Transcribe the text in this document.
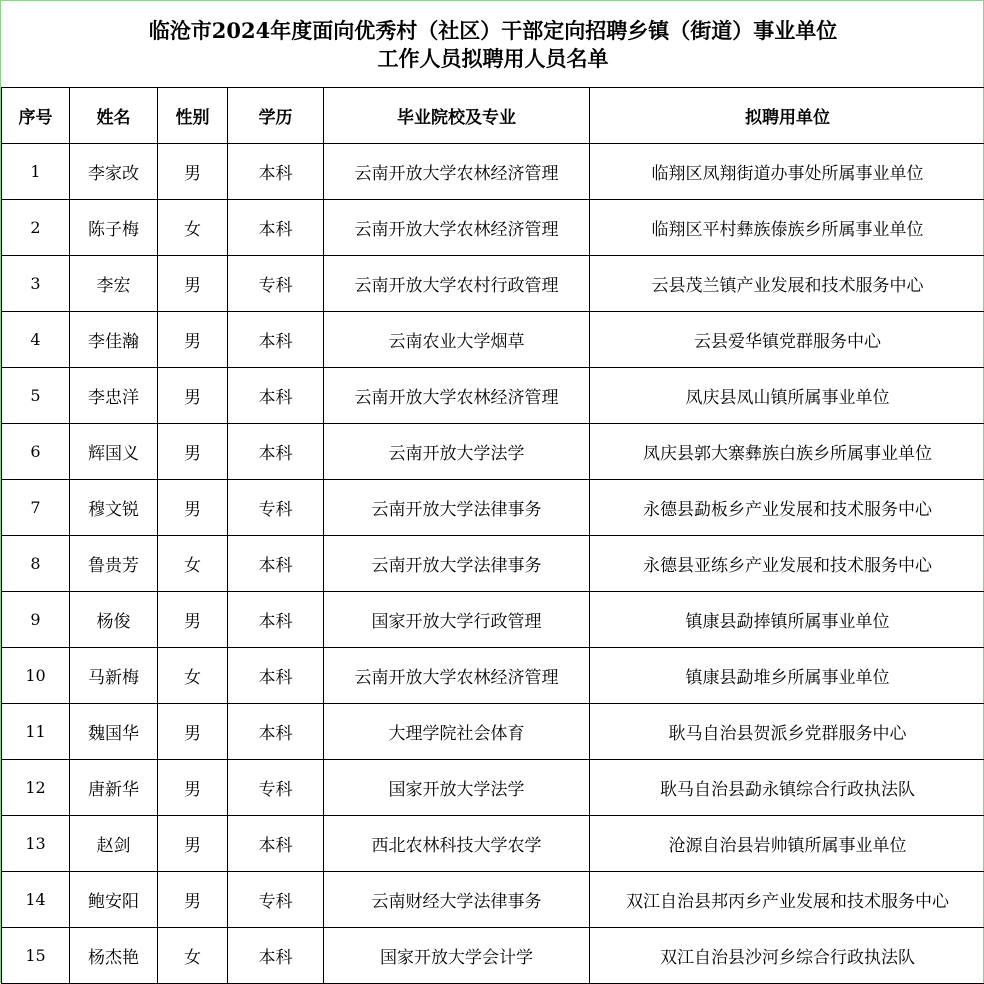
临沧市2024年度面向优秀村（社区）干部定向招聘乡镇（街道）事业单位
工作人员拟聘用人员名单
序号	姓名	性别	学历	毕业院校及专业	拟聘用单位
1	李家改	男	本科	云南开放大学农林经济管理	临翔区凤翔街道办事处所属事业单位
2	陈子梅	女	本科	云南开放大学农林经济管理	临翔区平村彝族傣族乡所属事业单位
3	李宏	男	专科	云南开放大学农村行政管理	云县茂兰镇产业发展和技术服务中心
4	李佳瀚	男	本科	云南农业大学烟草	云县爱华镇党群服务中心
5	李忠洋	男	本科	云南开放大学农林经济管理	凤庆县凤山镇所属事业单位
6	辉国义	男	本科	云南开放大学法学	凤庆县郭大寨彝族白族乡所属事业单位
7	穆文锐	男	专科	云南开放大学法律事务	永德县勐板乡产业发展和技术服务中心
8	鲁贵芳	女	本科	云南开放大学法律事务	永德县亚练乡产业发展和技术服务中心
9	杨俊	男	本科	国家开放大学行政管理	镇康县勐捧镇所属事业单位
10	马新梅	女	本科	云南开放大学农林经济管理	镇康县勐堆乡所属事业单位
11	魏国华	男	本科	大理学院社会体育	耿马自治县贺派乡党群服务中心
12	唐新华	男	专科	国家开放大学法学	耿马自治县勐永镇综合行政执法队
13	赵剑	男	本科	西北农林科技大学农学	沧源自治县岩帅镇所属事业单位
14	鲍安阳	男	专科	云南财经大学法律事务	双江自治县邦丙乡产业发展和技术服务中心
15	杨杰艳	女	本科	国家开放大学会计学	双江自治县沙河乡综合行政执法队
